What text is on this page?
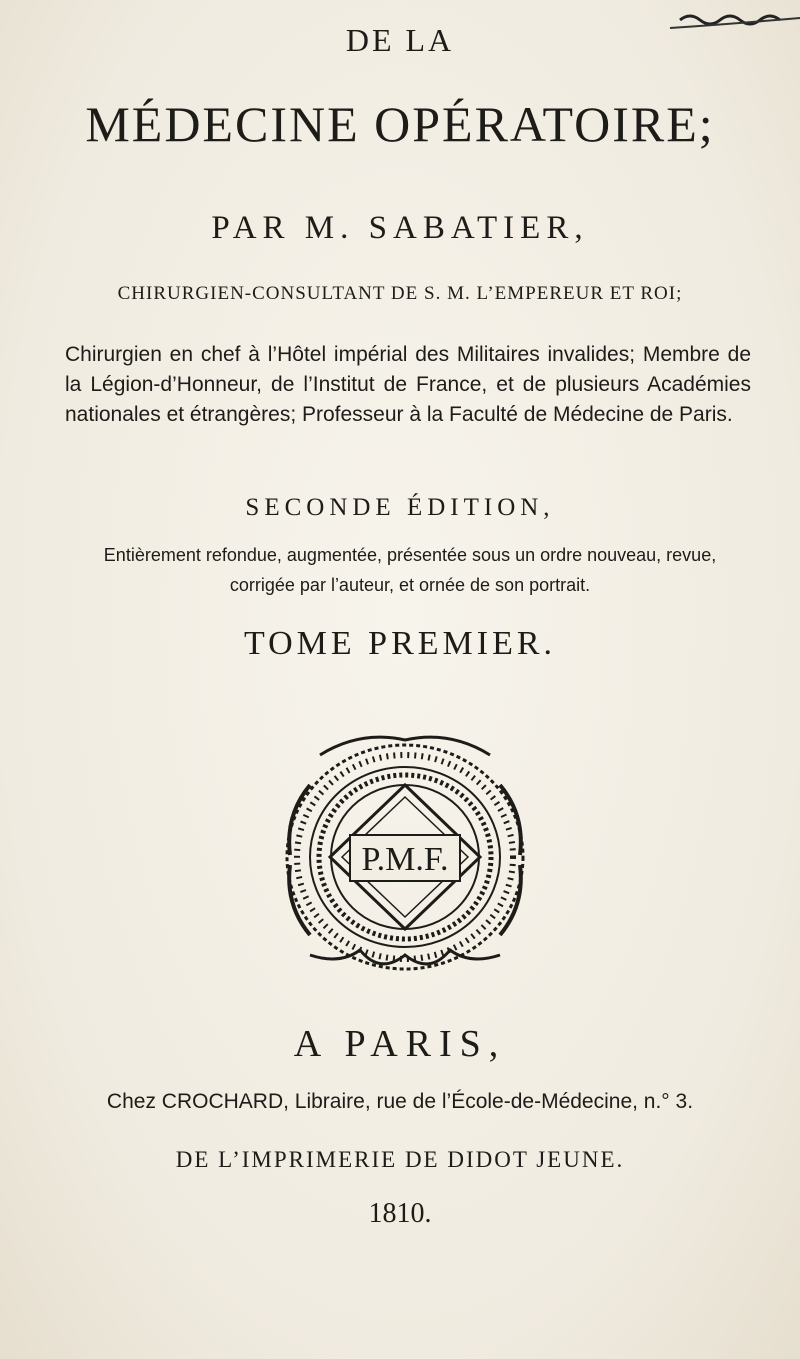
DE LA
MÉDECINE OPÉRATOIRE;
PAR M. SABATIER,
CHIRURGIEN-CONSULTANT DE S. M. L’EMPEREUR ET ROI;
Chirurgien en chef à l’Hôtel impérial des Militaires invalides; Membre de la Légion-d’Honneur, de l’Institut de France, et de plusieurs Académies nationales et étrangères; Professeur à la Faculté de Médecine de Paris.
SECONDE ÉDITION,
Entièrement refondue, augmentée, présentée sous un ordre nouveau, revue,
corrigée par l’auteur, et ornée de son portrait.
TOME PREMIER.
P.M.F.
A PARIS,
Chez CROCHARD, Libraire, rue de l’École-de-Médecine, n.° 3.
DE L’IMPRIMERIE DE DIDOT JEUNE.
1810.
